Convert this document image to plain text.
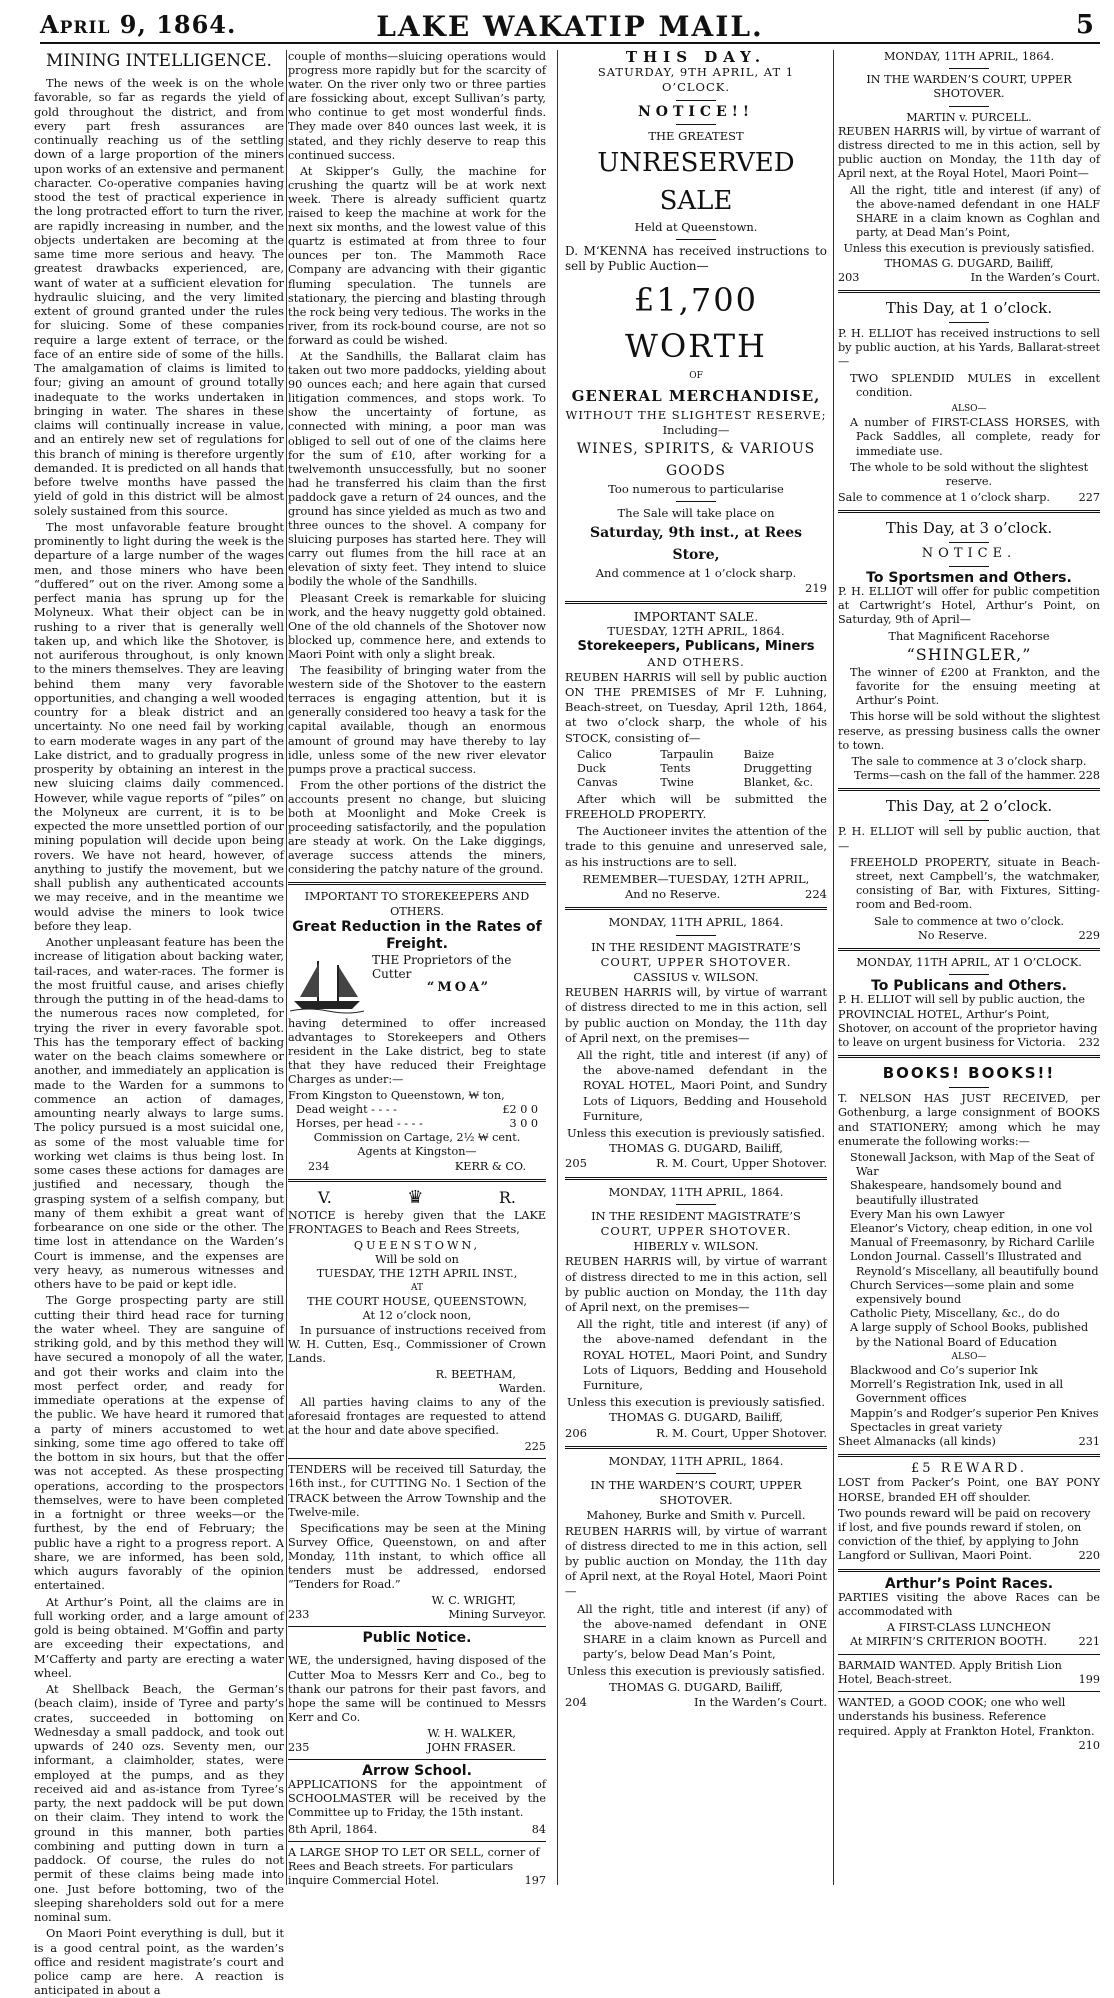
April 9, 1864.	LAKE WAKATIP MAIL.	5
MINING INTELLIGENCE.

The news of the week is on the whole favorable, so far as regards the yield of gold throughout the district, and from every part fresh assurances are continually reaching us of the settling down of a large proportion of the miners upon works of an extensive and permanent character. Co-operative companies having stood the test of practical experience in the long protracted effort to turn the river, are rapidly increasing in number, and the objects undertaken are becoming at the same time more serious and heavy. The greatest drawbacks experienced, are, want of water at a sufficient elevation for hydraulic sluicing, and the very limited extent of ground granted under the rules for sluicing. Some of these companies require a large extent of terrace, or the face of an entire side of some of the hills. The amalgamation of claims is limited to four; giving an amount of ground totally inadequate to the works undertaken in bringing in water. The shares in these claims will continually increase in value, and an entirely new set of regulations for this branch of mining is therefore urgently demanded. It is predicted on all hands that before twelve months have passed the yield of gold in this district will be almost solely sustained from this source.

The most unfavorable feature brought prominently to light during the week is the departure of a large number of the wages men, and those miners who have been “duffered” out on the river. Among some a perfect mania has sprung up for the Molyneux. What their object can be in rushing to a river that is generally well taken up, and which like the Shotover, is not auriferous throughout, is only known to the miners themselves. They are leaving behind them many very favorable opportunities, and changing a well wooded country for a bleak district and an uncertainty. No one need fail by working to earn moderate wages in any part of the Lake district, and to gradually progress in prosperity by obtaining an interest in the new sluicing claims daily commenced. However, while vague reports of “piles” on the Molyneux are current, it is to be expected the more unsettled portion of our mining population will decide upon being rovers. We have not heard, however, of anything to justify the movement, but we shall publish any authenticated accounts we may receive, and in the meantime we would advise the miners to look twice before they leap.

Another unpleasant feature has been the increase of litigation about backing water, tail-races, and water-races. The former is the most fruitful cause, and arises chiefly through the putting in of the head-dams to the numerous races now completed, for trying the river in every favorable spot. This has the temporary effect of backing water on the beach claims somewhere or another, and immediately an application is made to the Warden for a summons to commence an action of damages, amounting nearly always to large sums. The policy pursued is a most suicidal one, as some of the most valuable time for working wet claims is thus being lost. In some cases these actions for damages are justified and necessary, though the grasping system of a selfish company, but many of them exhibit a great want of forbearance on one side or the other. The time lost in attendance on the Warden’s Court is immense, and the expenses are very heavy, as numerous witnesses and others have to be paid or kept idle.

The Gorge prospecting party are still cutting their third head race for turning the water wheel. They are sanguine of striking gold, and by this method they will have secured a monopoly of all the water, and got their works and claim into the most perfect order, and ready for immediate operations at the expense of the public. We have heard it rumored that a party of miners accustomed to wet sinking, some time ago offered to take off the bottom in six hours, but that the offer was not accepted. As these prospecting operations, according to the prospectors themselves, were to have been completed in a fortnight or three weeks—or the furthest, by the end of February; the public have a right to a progress report. A share, we are informed, has been sold, which augurs favorably of the opinion entertained.

At Arthur’s Point, all the claims are in full working order, and a large amount of gold is being obtained. M‘Goffin and party are exceeding their expectations, and M‘Cafferty and party are erecting a water wheel.

At Shellback Beach, the German’s (beach claim), inside of Tyree and party’s crates, succeeded in bottoming on Wednesday a small paddock, and took out upwards of 240 ozs. Seventy men, our informant, a claimholder, states, were employed at the pumps, and as they received aid and as-istance from Tyree’s party, the next paddock will be put down on their claim. They intend to work the ground in this manner, both parties combining and putting down in turn a paddock. Of course, the rules do not permit of these claims being made into one. Just before bottoming, two of the sleeping shareholders sold out for a mere nominal sum.

On Maori Point everything is dull, but it is a good central point, as the warden’s office and resident magistrate’s court and police camp are here. A reaction is anticipated in about a

couple of months—sluicing operations would progress more rapidly but for the scarcity of water. On the river only two or three parties are fossicking about, except Sullivan’s party, who continue to get most wonderful finds. They made over 840 ounces last week, it is stated, and they richly deserve to reap this continued success.

At Skipper’s Gully, the machine for crushing the quartz will be at work next week. There is already sufficient quartz raised to keep the machine at work for the next six months, and the lowest value of this quartz is estimated at from three to four ounces per ton. The Mammoth Race Company are advancing with their gigantic fluming speculation. The tunnels are stationary, the piercing and blasting through the rock being very tedious. The works in the river, from its rock-bound course, are not so forward as could be wished.

At the Sandhills, the Ballarat claim has taken out two more paddocks, yielding about 90 ounces each; and here again that cursed litigation commences, and stops work. To show the uncertainty of fortune, as connected with mining, a poor man was obliged to sell out of one of the claims here for the sum of £10, after working for a twelvemonth unsuccessfully, but no sooner had he transferred his claim than the first paddock gave a return of 24 ounces, and the ground has since yielded as much as two and three ounces to the shovel. A company for sluicing purposes has started here. They will carry out flumes from the hill race at an elevation of sixty feet. They intend to sluice bodily the whole of the Sandhills.

Pleasant Creek is remarkable for sluicing work, and the heavy nuggetty gold obtained. One of the old channels of the Shotover now blocked up, commence here, and extends to Maori Point with only a slight break.

The feasibility of bringing water from the western side of the Shotover to the eastern terraces is engaging attention, but it is generally considered too heavy a task for the capital available, though an enormous amount of ground may have thereby to lay idle, unless some of the new river elevator pumps prove a practical success.

From the other portions of the district the accounts present no change, but sluicing both at Moonlight and Moke Creek is proceeding satisfactorily, and the population are steady at work. On the Lake diggings, average success attends the miners, considering the patchy nature of the ground.

IMPORTANT TO STOREKEEPERS AND OTHERS.
Great Reduction in the Rates of Freight.
THE Proprietors of the Cutter
“MOA”

having determined to offer increased advantages to Storekeepers and Others resident in the Lake district, beg to state that they have reduced their Freightage Charges as under:—

From Kingston to Queenstown, ₩ ton,
Dead weight - - - -	£2 0 0
Horses, per head - - - -	3 0 0
Commission on Cartage, 2½ ₩ cent.
Agents at Kingston—
234	KERR & CO.
V.	♛	R.

NOTICE is hereby given that the LAKE FRONTAGES to Beach and Rees Streets,

QUEENSTOWN,
Will be sold on
TUESDAY, THE 12TH APRIL INST.,
AT
THE COURT HOUSE, QUEENSTOWN,
At 12 o’clock noon,

In pursuance of instructions received from W. H. Cutten, Esq., Commissioner of Crown Lands.

R. BEETHAM,
Warden.

All parties having claims to any of the aforesaid frontages are requested to attend at the hour and date above specified.

225

TENDERS will be received till Saturday, the 16th inst., for CUTTING No. 1 Section of the TRACK between the Arrow Township and the Twelve-mile.

Specifications may be seen at the Mining Survey Office, Queenstown, on and after Monday, 11th instant, to which office all tenders must be addressed, endorsed “Tenders for Road.”

W. C. WRIGHT,
233	Mining Surveyor.
Public Notice.

WE, the undersigned, having disposed of the Cutter Moa to Messrs Kerr and Co., beg to thank our patrons for their past favors, and hope the same will be continued to Messrs Kerr and Co.

W. H. WALKER,
235	JOHN FRASER.
Arrow School.

APPLICATIONS for the appointment of SCHOOLMASTER will be received by the Committee up to Friday, the 15th instant.

8th April, 1864.	84
A LARGE SHOP TO LET OR SELL, corner of Rees and Beach streets. For particulars inquire Commercial Hotel.	197
THIS DAY.
SATURDAY, 9TH APRIL, AT 1 O’CLOCK.
NOTICE!!
THE GREATEST
UNRESERVED SALE
Held at Queenstown.

D. M‘KENNA has received instructions to sell by Public Auction—

£1,700 WORTH
OF
GENERAL MERCHANDISE,
WITHOUT THE SLIGHTEST RESERVE;
Including—
WINES, SPIRITS, & VARIOUS GOODS
Too numerous to particularise
The Sale will take place on
Saturday, 9th inst., at Rees Store,
And commence at 1 o’clock sharp.
219
IMPORTANT SALE.
TUESDAY, 12TH APRIL, 1864.
Storekeepers, Publicans, Miners
AND OTHERS.

REUBEN HARRIS will sell by public auction ON THE PREMISES of Mr F. Luhning, Beach-street, on Tuesday, April 12th, 1864, at two o’clock sharp, the whole of his STOCK, consisting of—

Calico	Tarpaulin	Baize
Duck	Tents	Druggetting
Canvas	Twine	Blanket, &c.

After which will be submitted the FREEHOLD PROPERTY.

The Auctioneer invites the attention of the trade to this genuine and unreserved sale, as his instructions are to sell.

REMEMBER—TUESDAY, 12TH APRIL,
And no Reserve.	224
MONDAY, 11TH APRIL, 1864.
IN THE RESIDENT MAGISTRATE’S
COURT, UPPER SHOTOVER.
CASSIUS v. WILSON.

REUBEN HARRIS will, by virtue of warrant of distress directed to me in this action, sell by public auction on Monday, the 11th day of April next, on the premises—

All the right, title and interest (if any) of the above-named defendant in the ROYAL HOTEL, Maori Point, and Sundry Lots of Liquors, Bedding and Household Furniture,

Unless this execution is previously satisfied.
THOMAS G. DUGARD, Bailiff,
205	R. M. Court, Upper Shotover.
MONDAY, 11TH APRIL, 1864.
IN THE RESIDENT MAGISTRATE’S
COURT, UPPER SHOTOVER.
HIBERLY v. WILSON.

REUBEN HARRIS will, by virtue of warrant of distress directed to me in this action, sell by public auction on Monday, the 11th day of April next, on the premises—

All the right, title and interest (if any) of the above-named defendant in the ROYAL HOTEL, Maori Point, and Sundry Lots of Liquors, Bedding and Household Furniture,

Unless this execution is previously satisfied.
THOMAS G. DUGARD, Bailiff,
206	R. M. Court, Upper Shotover.
MONDAY, 11TH APRIL, 1864.
IN THE WARDEN’S COURT, UPPER SHOTOVER.
Mahoney, Burke and Smith v. Purcell.

REUBEN HARRIS will, by virtue of warrant of distress directed to me in this action, sell by public auction on Monday, the 11th day of April next, at the Royal Hotel, Maori Point—

All the right, title and interest (if any) of the above-named defendant in ONE SHARE in a claim known as Purcell and party’s, below Dead Man’s Point,

Unless this execution is previously satisfied.
THOMAS G. DUGARD, Bailiff,
204	In the Warden’s Court.
MONDAY, 11TH APRIL, 1864.
IN THE WARDEN’S COURT, UPPER SHOTOVER.
MARTIN v. PURCELL.

REUBEN HARRIS will, by virtue of warrant of distress directed to me in this action, sell by public auction on Monday, the 11th day of April next, at the Royal Hotel, Maori Point—

All the right, title and interest (if any) of the above-named defendant in one HALF SHARE in a claim known as Coghlan and party, at Dead Man’s Point,

Unless this execution is previously satisfied.
THOMAS G. DUGARD, Bailiff,
203	In the Warden’s Court.
This Day, at 1 o’clock.

P. H. ELLIOT has received instructions to sell by public auction, at his Yards, Ballarat-street—

TWO SPLENDID MULES in excellent condition.

ALSO—

A number of FIRST-CLASS HORSES, with Pack Saddles, all complete, ready for immediate use.

The whole to be sold without the slightest reserve.

Sale to commence at 1 o’clock sharp.	227
This Day, at 3 o’clock.
NOTICE.
To Sportsmen and Others.

P. H. ELLIOT will offer for public competition at Cartwright’s Hotel, Arthur’s Point, on Saturday, 9th of April—

That Magnificent Racehorse
“SHINGLER,”

The winner of £200 at Frankton, and the favorite for the ensuing meeting at Arthur’s Point.

This horse will be sold without the slightest reserve, as pressing business calls the owner to town.

The sale to commence at 3 o’clock sharp.
Terms—cash on the fall of the hammer. 228
This Day, at 2 o’clock.

P. H. ELLIOT will sell by public auction, that—

FREEHOLD PROPERTY, situate in Beach-street, next Campbell’s, the watchmaker, consisting of Bar, with Fixtures, Sitting-room and Bed-room.

Sale to commence at two o’clock.
No Reserve.	229
MONDAY, 11TH APRIL, AT 1 O’CLOCK.
To Publicans and Others.
P. H. ELLIOT will sell by public auction, the PROVINCIAL HOTEL, Arthur’s Point, Shotover, on account of the proprietor having to leave on urgent business for Victoria. 232
BOOKS! BOOKS!!

T. NELSON HAS JUST RECEIVED, per Gothenburg, a large consignment of BOOKS and STATIONERY; among which he may enumerate the following works:—

Stonewall Jackson, with Map of the Seat of War
Shakespeare, handsomely bound and beautifully illustrated
Every Man his own Lawyer
Eleanor’s Victory, cheap edition, in one vol
Manual of Freemasonry, by Richard Carlile
London Journal. Cassell’s Illustrated and Reynold’s Miscellany, all beautifully bound
Church Services—some plain and some expensively bound
Catholic Piety, Miscellany, &c., do do
A large supply of School Books, published by the National Board of Education
ALSO—
Blackwood and Co’s superior Ink
Morrell’s Registration Ink, used in all Government offices
Mappin’s and Rodger’s superior Pen Knives
Spectacles in great variety
Sheet Almanacks (all kinds)	231
£5 REWARD.

LOST from Packer’s Point, one BAY PONY HORSE, branded EH off shoulder.

Two pounds reward will be paid on recovery if lost, and five pounds reward if stolen, on conviction of the thief, by applying to John Langford or Sullivan, Maori Point.	220
Arthur’s Point Races.

PARTIES visiting the above Races can be accommodated with

A FIRST-CLASS LUNCHEON
At MIRFIN’S CRITERION BOOTH.	221
BARMAID WANTED. Apply British Lion Hotel, Beach-street.	199
WANTED, a GOOD COOK; one who well understands his business. Reference required. Apply at Frankton Hotel, Frankton.
210
